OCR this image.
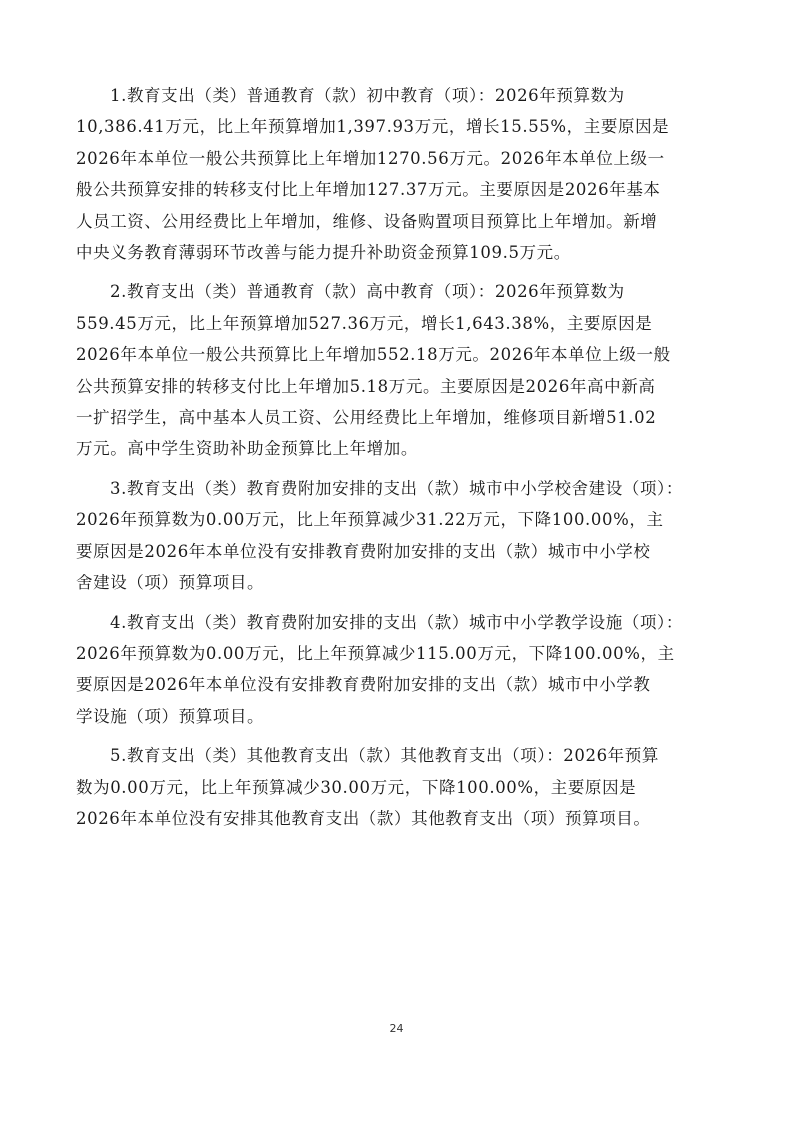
1.教育支出（类）普通教育（款）初中教育（项）：2026年预算数为
10,386.41万元，比上年预算增加1,397.93万元，增长15.55%，主要原因是
2026年本单位一般公共预算比上年增加1270.56万元。2026年本单位上级一
般公共预算安排的转移支付比上年增加127.37万元。主要原因是2026年基本
人员工资、公用经费比上年增加，维修、设备购置项目预算比上年增加。新增
中央义务教育薄弱环节改善与能力提升补助资金预算109.5万元。

2.教育支出（类）普通教育（款）高中教育（项）：2026年预算数为
559.45万元，比上年预算增加527.36万元，增长1,643.38%，主要原因是
2026年本单位一般公共预算比上年增加552.18万元。2026年本单位上级一般
公共预算安排的转移支付比上年增加5.18万元。主要原因是2026年高中新高
一扩招学生，高中基本人员工资、公用经费比上年增加，维修项目新增51.02
万元。高中学生资助补助金预算比上年增加。

3.教育支出（类）教育费附加安排的支出（款）城市中小学校舍建设（项）：
2026年预算数为0.00万元，比上年预算减少31.22万元，下降100.00%，主
要原因是2026年本单位没有安排教育费附加安排的支出（款）城市中小学校
舍建设（项）预算项目。

4.教育支出（类）教育费附加安排的支出（款）城市中小学教学设施（项）：
2026年预算数为0.00万元，比上年预算减少115.00万元，下降100.00%，主
要原因是2026年本单位没有安排教育费附加安排的支出（款）城市中小学教
学设施（项）预算项目。

5.教育支出（类）其他教育支出（款）其他教育支出（项）：2026年预算
数为0.00万元，比上年预算减少30.00万元，下降100.00%，主要原因是
2026年本单位没有安排其他教育支出（款）其他教育支出（项）预算项目。

24
